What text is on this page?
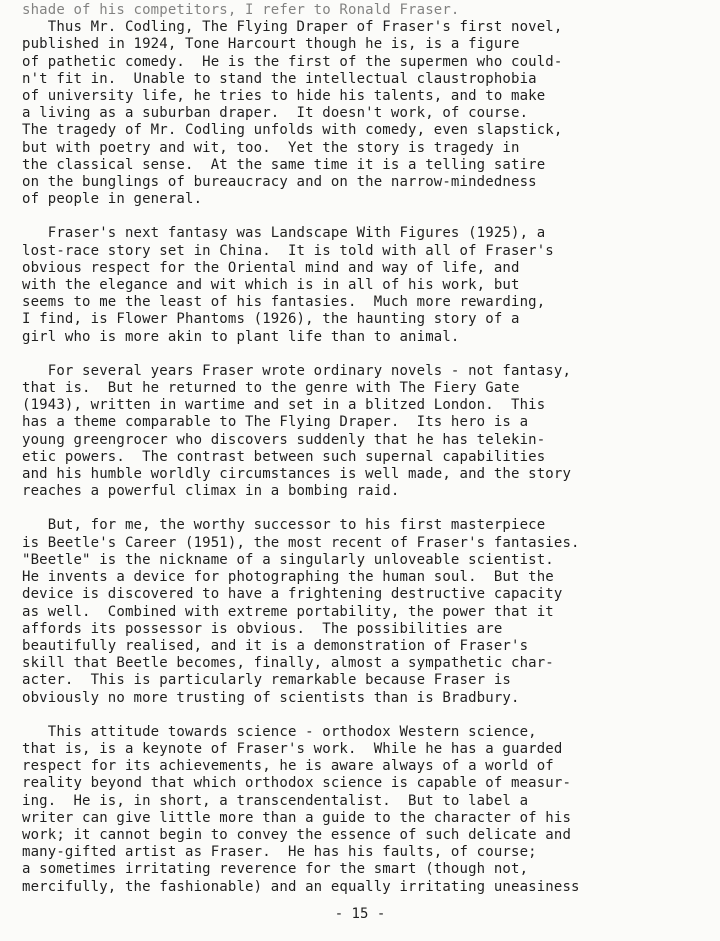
shade of his competitors, I refer to Ronald Fraser.
Thus Mr. Codling, The Flying Draper of Fraser's first novel,
published in 1924, Tone Harcourt though he is, is a figure
of pathetic comedy.  He is the first of the supermen who could-
n't fit in.  Unable to stand the intellectual claustrophobia
of university life, he tries to hide his talents, and to make
a living as a suburban draper.  It doesn't work, of course.
The tragedy of Mr. Codling unfolds with comedy, even slapstick,
but with poetry and wit, too.  Yet the story is tragedy in
the classical sense.  At the same time it is a telling satire
on the bunglings of bureaucracy and on the narrow-mindedness
of people in general.
Fraser's next fantasy was Landscape With Figures (1925), a
lost-race story set in China.  It is told with all of Fraser's
obvious respect for the Oriental mind and way of life, and
with the elegance and wit which is in all of his work, but
seems to me the least of his fantasies.  Much more rewarding,
I find, is Flower Phantoms (1926), the haunting story of a
girl who is more akin to plant life than to animal.
For several years Fraser wrote ordinary novels - not fantasy,
that is.  But he returned to the genre with The Fiery Gate
(1943), written in wartime and set in a blitzed London.  This
has a theme comparable to The Flying Draper.  Its hero is a
young greengrocer who discovers suddenly that he has telekin-
etic powers.  The contrast between such supernal capabilities
and his humble worldly circumstances is well made, and the story
reaches a powerful climax in a bombing raid.
But, for me, the worthy successor to his first masterpiece
is Beetle's Career (1951), the most recent of Fraser's fantasies.
"Beetle" is the nickname of a singularly unloveable scientist.
He invents a device for photographing the human soul.  But the
device is discovered to have a frightening destructive capacity
as well.  Combined with extreme portability, the power that it
affords its possessor is obvious.  The possibilities are
beautifully realised, and it is a demonstration of Fraser's
skill that Beetle becomes, finally, almost a sympathetic char-
acter.  This is particularly remarkable because Fraser is
obviously no more trusting of scientists than is Bradbury.
This attitude towards science - orthodox Western science,
that is, is a keynote of Fraser's work.  While he has a guarded
respect for its achievements, he is aware always of a world of
reality beyond that which orthodox science is capable of measur-
ing.  He is, in short, a transcendentalist.  But to label a
writer can give little more than a guide to the character of his
work; it cannot begin to convey the essence of such delicate and
many-gifted artist as Fraser.  He has his faults, of course;
a sometimes irritating reverence for the smart (though not,
mercifully, the fashionable) and an equally irritating uneasiness
- 15 -
